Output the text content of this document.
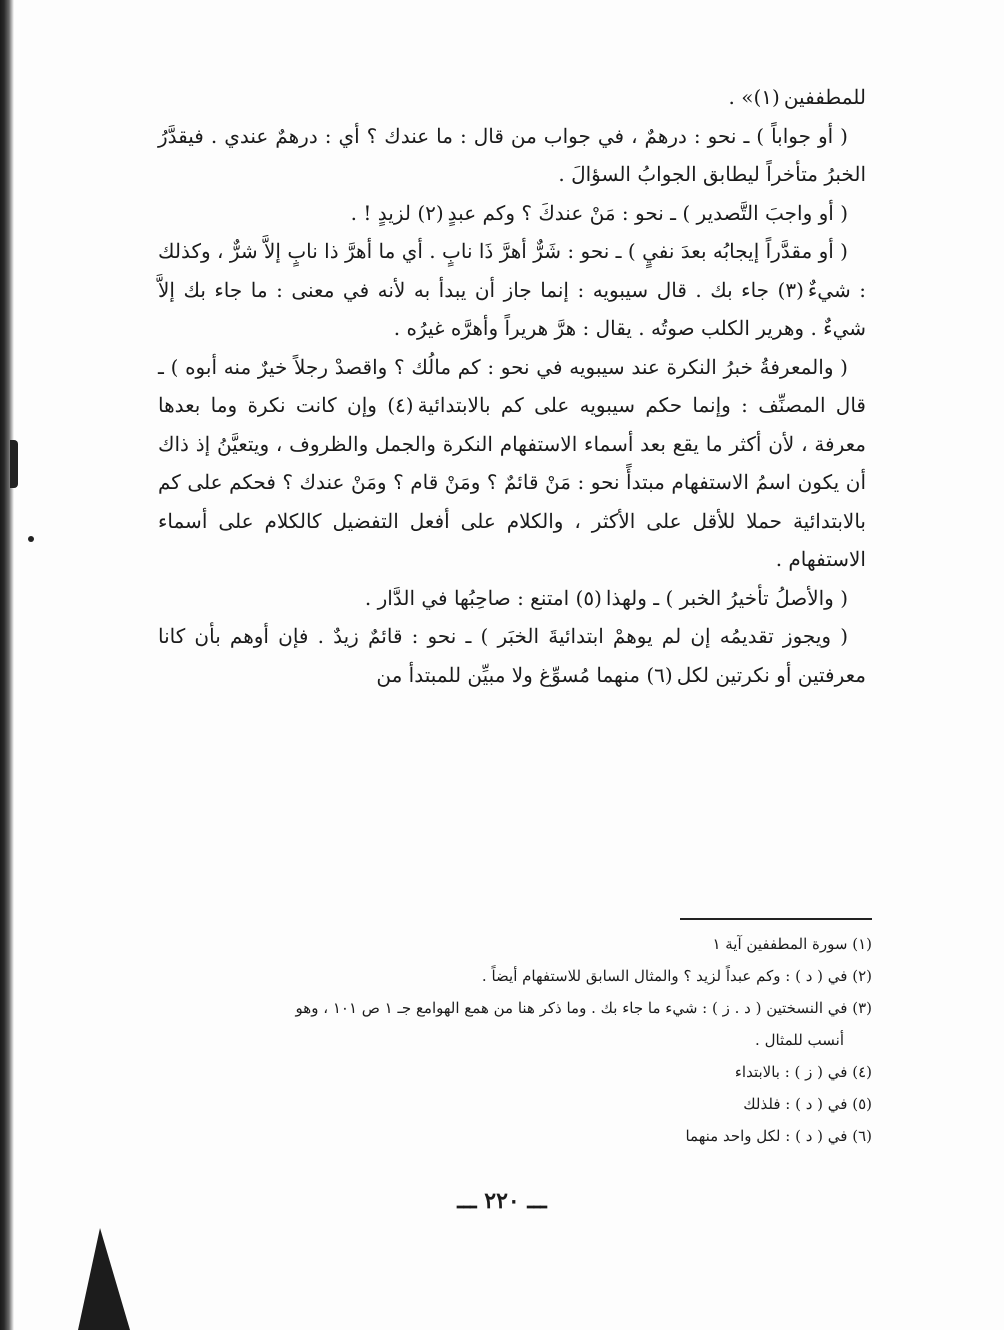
للمطففين (١)» .

( أو جواباً ) ـ نحو : درهمٌ ، في جواب من قال : ما عندك ؟ أي : درهمٌ عندي . فيقدَّرُ الخبرُ متأخراً ليطابق الجوابُ السؤالَ .

( أو واجبَ التَّصدير ) ـ نحو : مَنْ عندكَ ؟ وكم عبدٍ (٢) لزيدٍ ! .

( أو مقدَّراً إيجابُه بعدَ نفيٍ ) ـ نحو : شَرٌّ أهرَّ ذَا نابٍ . أي ما أهرَّ ذا نابٍ إلاَّ شرٌّ ، وكذلك : شيءٌ (٣) جاء بك . قال سيبويه : إنما جاز أن يبدأ به لأنه في معنى : ما جاء بك إلاَّ شيءٌ . وهرير الكلب صوتُه . يقال : هرَّ هريراً وأهرَّه غيرُه .

( والمعرفةُ خبرُ النكرة عند سيبويه في نحو : كم مالُك ؟ واقصدْ رجلاً خيرٌ منه أبوه ) ـ قال المصنِّف : وإنما حكم سيبويه على كم بالابتدائية (٤) وإن كانت نكرة وما بعدها معرفة ، لأن أكثر ما يقع بعد أسماء الاستفهام النكرة والجمل والظروف ، ويتعيَّنُ إذ ذاك أن يكون اسمُ الاستفهام مبتدأً نحو : مَنْ قائمٌ ؟ ومَنْ قام ؟ ومَنْ عندك ؟ فحكم على كم بالابتدائية حملا للأقل على الأكثر ، والكلام على أفعل التفضيل كالكلام على أسماء الاستفهام .

( والأصلُ تأخيرُ الخبر ) ـ ولهذا (٥) امتنع : صاحِبُها في الدَّار .

( ويجوز تقديمُه إن لم يوهمْ ابتدائيةَ الخبَر ) ـ نحو : قائمٌ زيدٌ . فإن أوهم بأن كانا معرفتين أو نكرتين لكل (٦) منهما مُسوِّغ ولا مبيِّن للمبتدأ من

(١) سورة المطففين آية ١

(٢) في ( د ) : وكم عبداً لزيد ؟ والمثال السابق للاستفهام أيضاً .

(٣) في النسختين ( د . ز ) : شيء ما جاء بك . وما ذكر هنا من همع الهوامع جـ ١ ص ١٠١ ، وهو

أنسب للمثال .

(٤) في ( ز ) : بالابتداء

(٥) في ( د ) : فلذلك

(٦) في ( د ) : لكل واحد منهما

ـــ ٢٢٠ ـــ
